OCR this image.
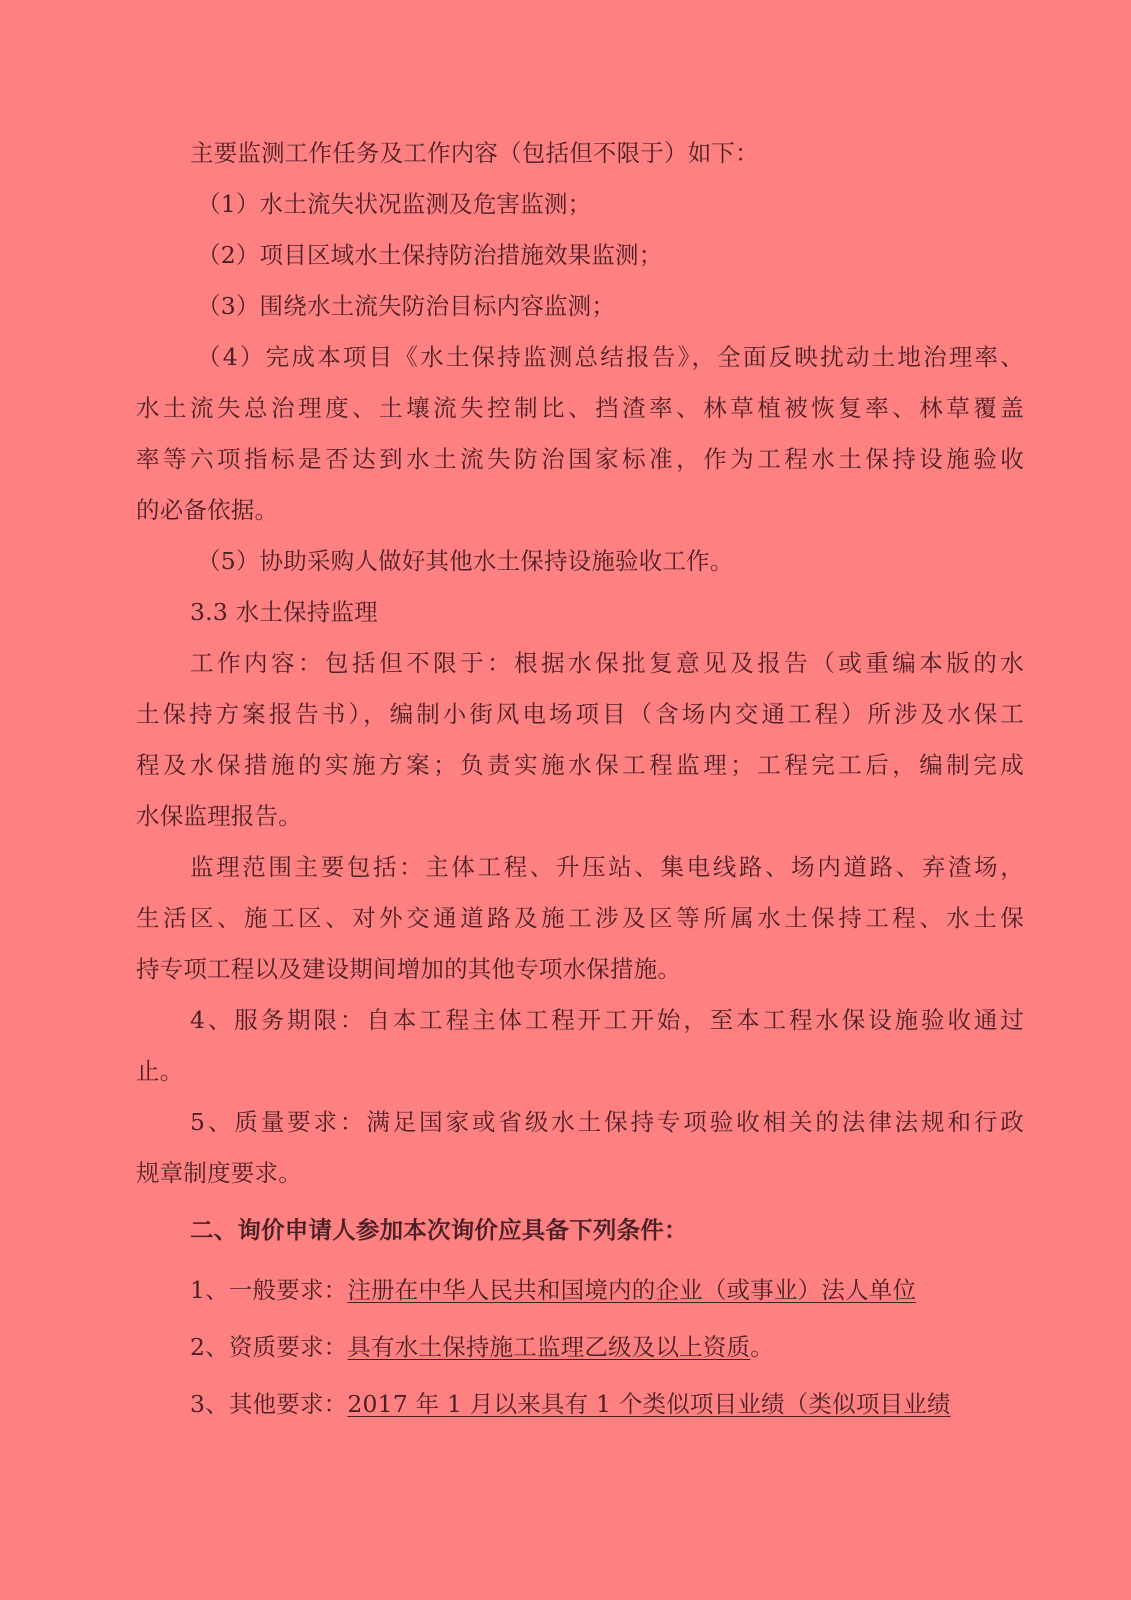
主要监测工作任务及工作内容（包括但不限于）如下：
（1）水土流失状况监测及危害监测；
（2）项目区域水土保持防治措施效果监测；
（3）围绕水土流失防治目标内容监测；
（4）完成本项目《水土保持监测总结报告》，全面反映扰动土地治理率、
水土流失总治理度、土壤流失控制比、挡渣率、林草植被恢复率、林草覆盖
率等六项指标是否达到水土流失防治国家标准，作为工程水土保持设施验收
的必备依据。
（5）协助采购人做好其他水土保持设施验收工作。
3.3 水土保持监理
工作内容：包括但不限于：根据水保批复意见及报告（或重编本版的水
土保持方案报告书），编制小街风电场项目（含场内交通工程）所涉及水保工
程及水保措施的实施方案；负责实施水保工程监理；工程完工后，编制完成
水保监理报告。
监理范围主要包括：主体工程、升压站、集电线路、场内道路、弃渣场，
生活区、施工区、对外交通道路及施工涉及区等所属水土保持工程、水土保
持专项工程以及建设期间增加的其他专项水保措施。
4、服务期限：自本工程主体工程开工开始，至本工程水保设施验收通过
止。
5、质量要求：满足国家或省级水土保持专项验收相关的法律法规和行政
规章制度要求。
二、询价申请人参加本次询价应具备下列条件：
1、一般要求：注册在中华人民共和国境内的企业（或事业）法人单位
2、资质要求：具有水土保持施工监理乙级及以上资质。
3、其他要求：2017 年 1 月以来具有 1 个类似项目业绩（类似项目业绩
